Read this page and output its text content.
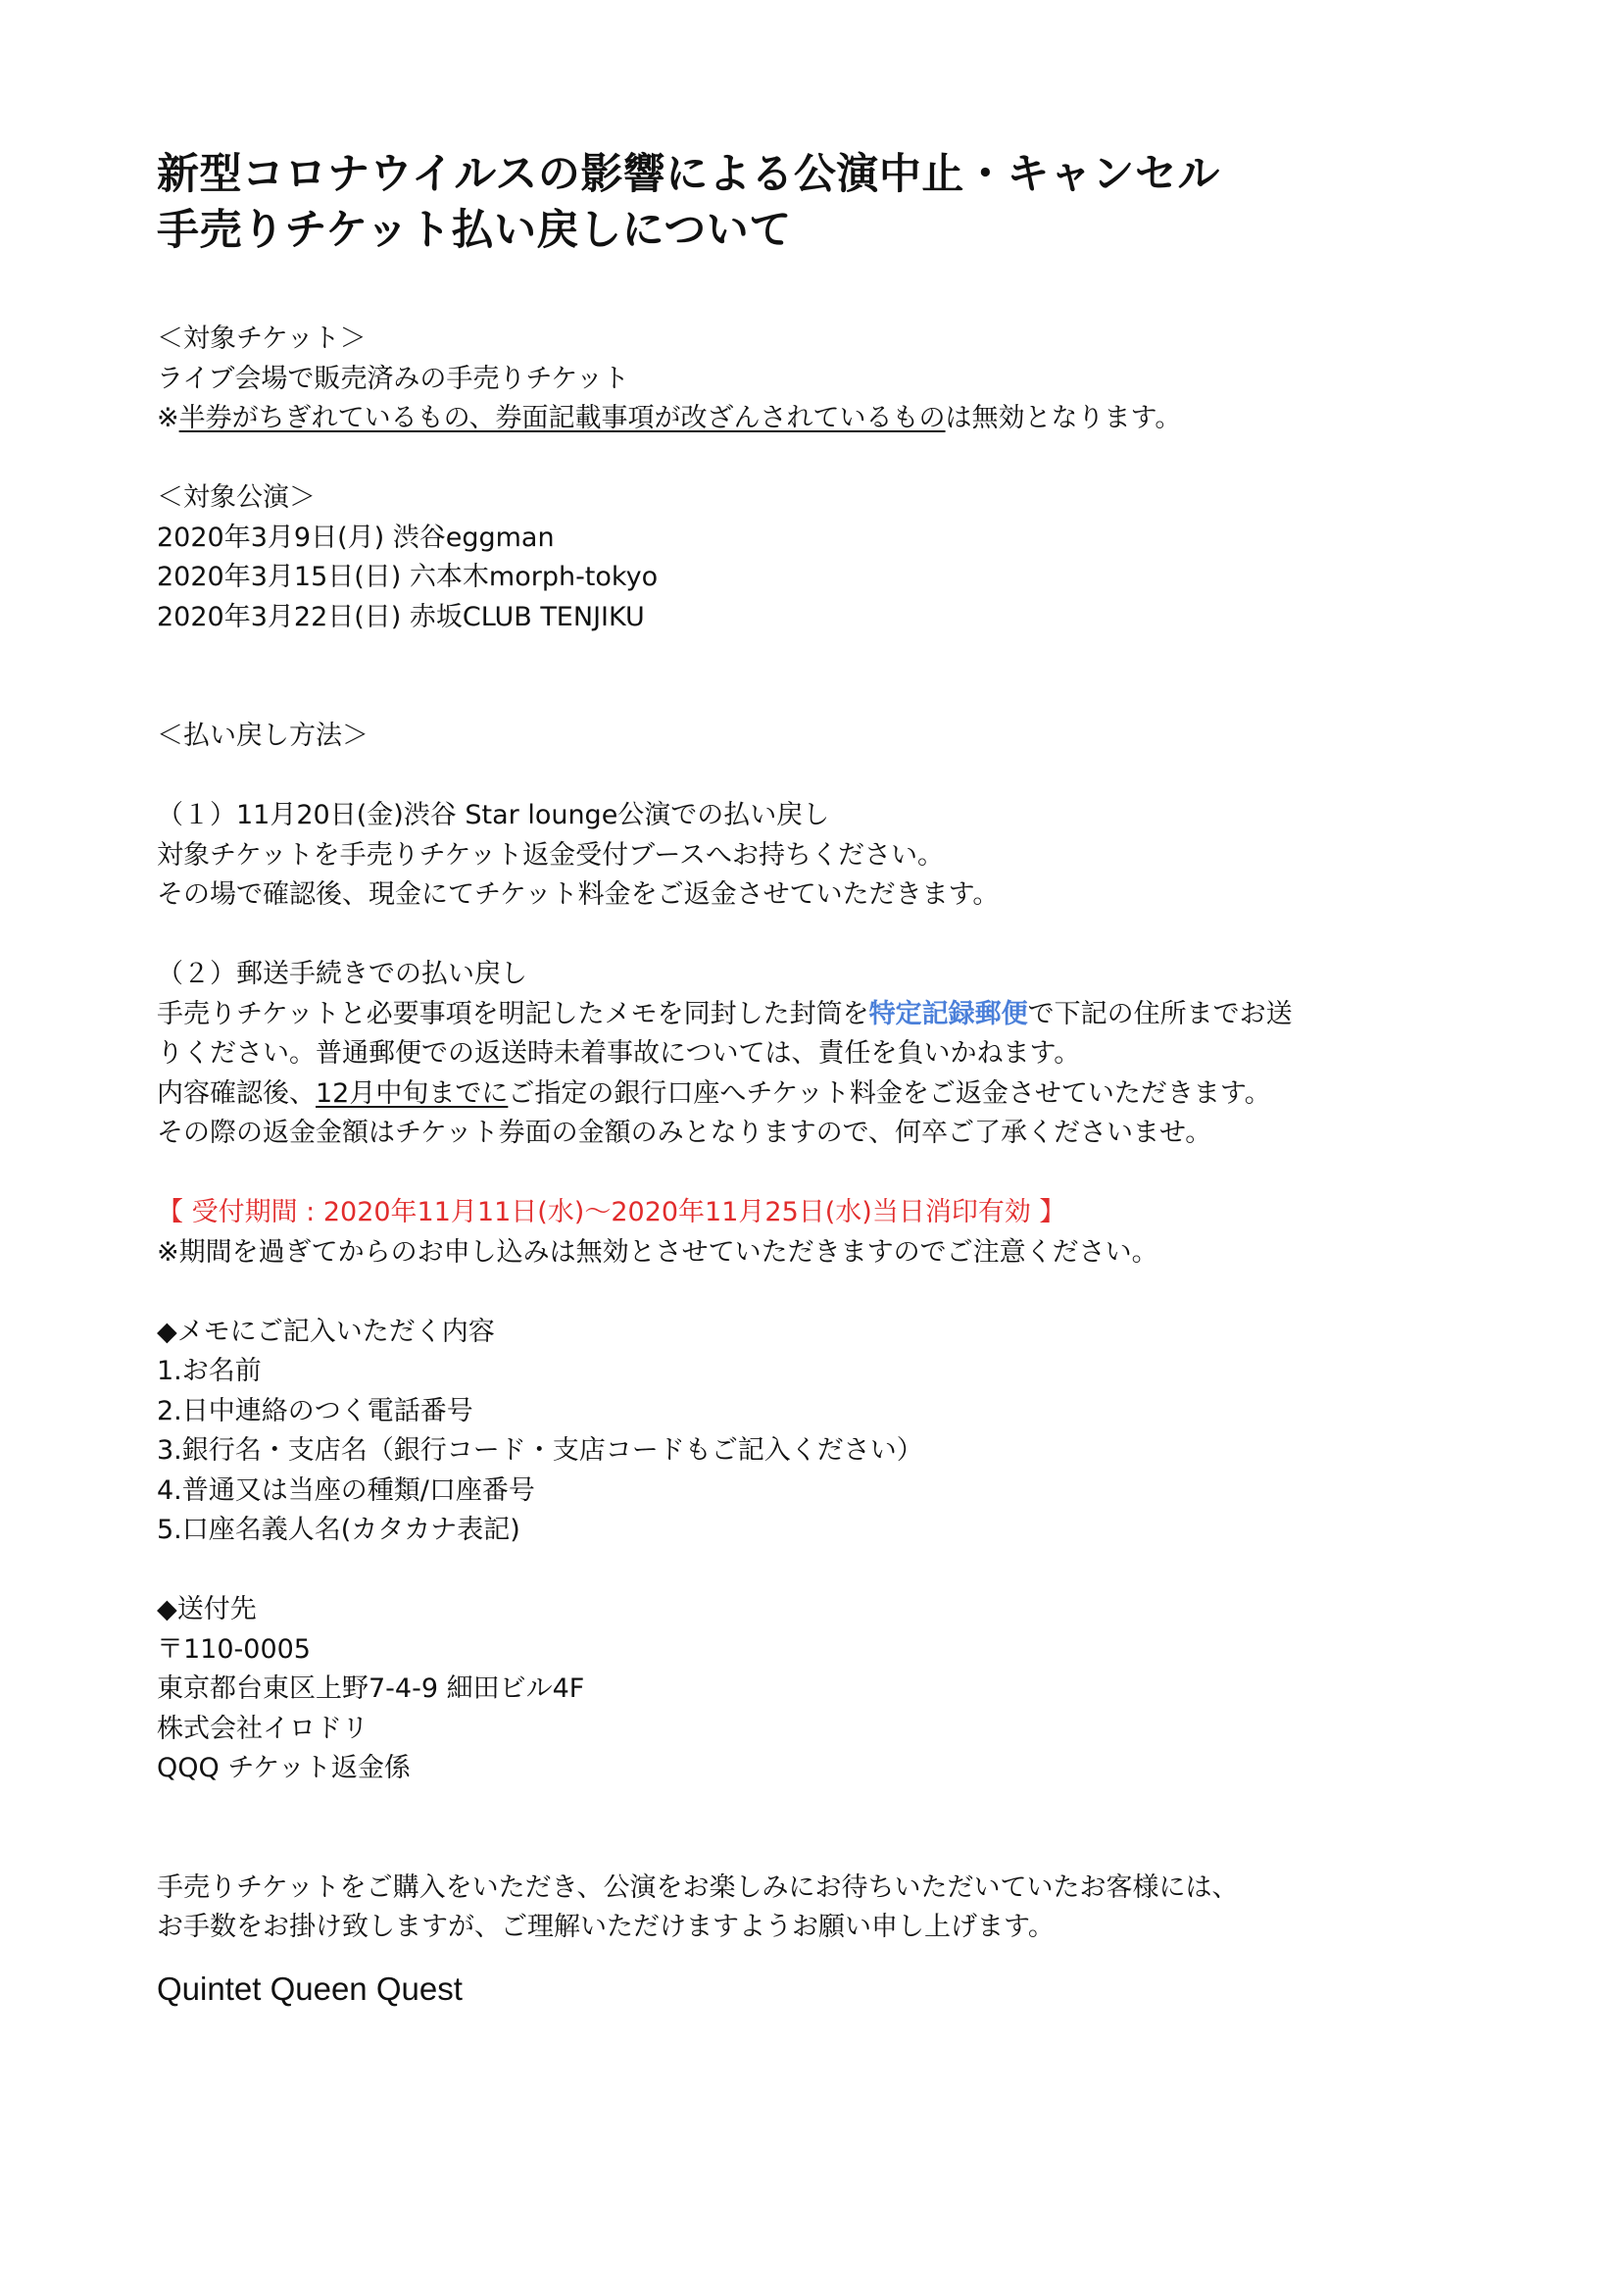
新型コロナウイルスの影響による公演中止・キャンセル
手売りチケット払い戻しについて
＜対象チケット＞
ライブ会場で販売済みの手売りチケット
※半券がちぎれているもの、券面記載事項が改ざんされているものは無効となります。
＜対象公演＞
2020年3月9日(月) 渋谷eggman
2020年3月15日(日) 六本木morph-tokyo
2020年3月22日(日) 赤坂CLUB TENJIKU
＜払い戻し方法＞
（１）11月20日(金)渋谷 Star lounge公演での払い戻し
対象チケットを手売りチケット返金受付ブースへお持ちください。
その場で確認後、現金にてチケット料金をご返金させていただきます。
（２）郵送手続きでの払い戻し
手売りチケットと必要事項を明記したメモを同封した封筒を特定記録郵便で下記の住所までお送
りください。普通郵便での返送時未着事故については、責任を負いかねます。
内容確認後、12月中旬までにご指定の銀行口座へチケット料金をご返金させていただきます。
その際の返金金額はチケット券面の金額のみとなりますので、何卒ご了承くださいませ。
【 受付期間 : 2020年11月11日(水)〜2020年11月25日(水)当日消印有効 】
※期間を過ぎてからのお申し込みは無効とさせていただきますのでご注意ください。
◆メモにご記入いただく内容
1.お名前
2.日中連絡のつく電話番号
3.銀行名・支店名（銀行コード・支店コードもご記入ください）
4.普通又は当座の種類/口座番号
5.口座名義人名(カタカナ表記)
◆送付先
〒110-0005
東京都台東区上野7-4-9 細田ビル4F
株式会社イロドリ
QQQ チケット返金係
手売りチケットをご購入をいただき、公演をお楽しみにお待ちいただいていたお客様には、
お手数をお掛け致しますが、ご理解いただけますようお願い申し上げます。
Quintet Queen Quest
